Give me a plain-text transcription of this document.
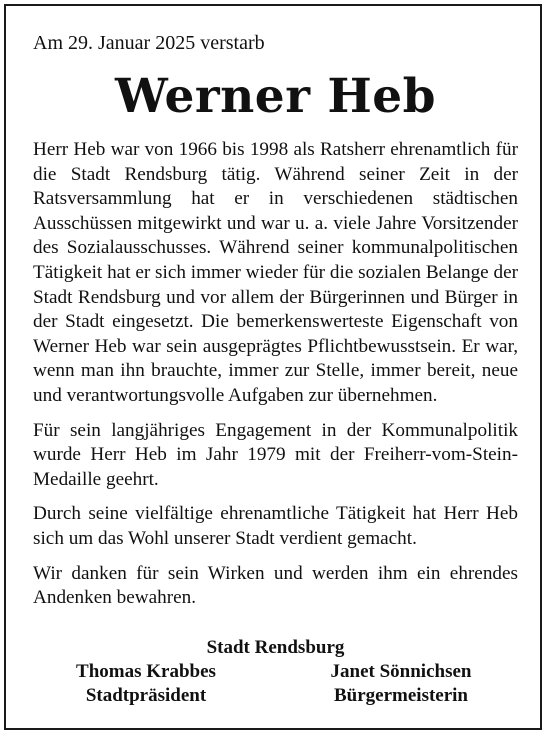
Am 29. Januar 2025 verstarb

Werner Heb

Herr Heb war von 1966 bis 1998 als Ratsherr ehrenamtlich für die Stadt Rendsburg tätig. Während seiner Zeit in der Ratsversammlung hat er in verschiedenen städtischen Ausschüssen mitgewirkt und war u. a. viele Jahre Vorsitzender des Sozialausschusses. Während seiner kommunalpolitischen Tätigkeit hat er sich immer wieder für die sozialen Belange der Stadt Rendsburg und vor allem der Bürgerinnen und Bürger in der Stadt eingesetzt. Die bemerkenswerteste Eigenschaft von Werner Heb war sein ausgeprägtes Pflichtbewusstsein. Er war, wenn man ihn brauchte, immer zur Stelle, immer bereit, neue und verantwortungsvolle Aufgaben zur übernehmen.

Für sein langjähriges Engagement in der Kommunalpolitik wurde Herr Heb im Jahr 1979 mit der Freiherr-vom-Stein-Medaille geehrt.

Durch seine vielfältige ehrenamtliche Tätigkeit hat Herr Heb sich um das Wohl unserer Stadt verdient gemacht.

Wir danken für sein Wirken und werden ihm ein ehrendes Andenken bewahren.

Stadt Rendsburg
Thomas Krabbes
Stadtpräsident
Janet Sönnichsen
Bürgermeisterin
